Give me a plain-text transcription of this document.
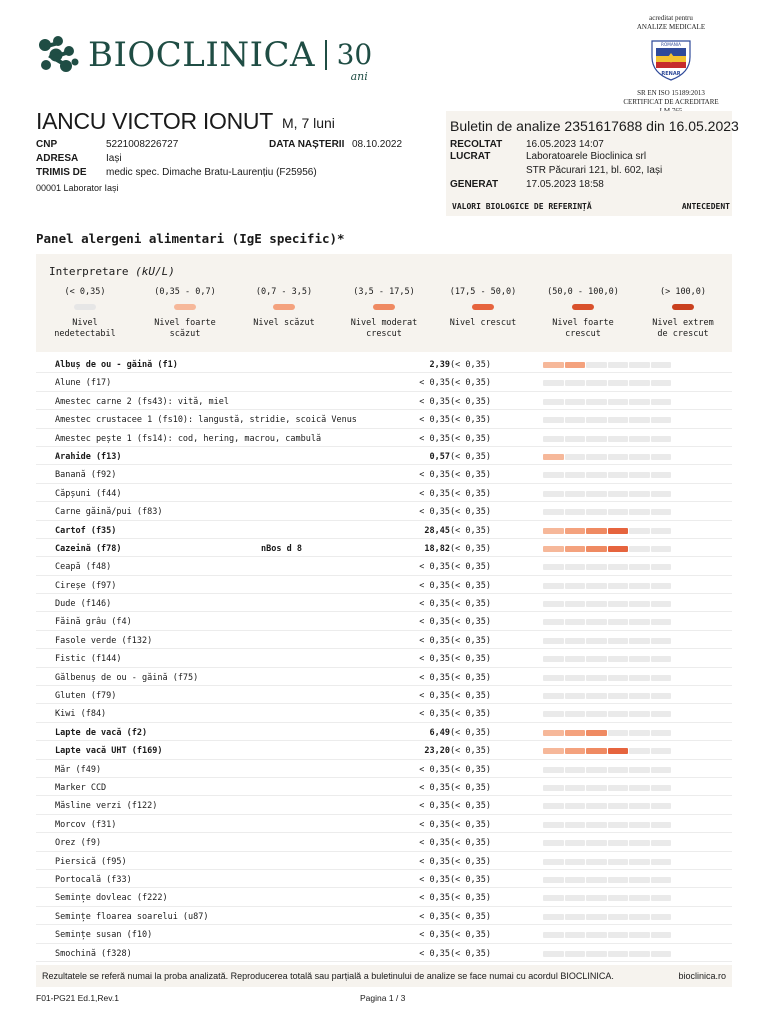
BIOCLINICA 30
ani
acreditat pentru
ANALIZE MEDICALE
ROMANIA
RENAR
SR EN ISO 15189:2013
CERTIFICAT DE ACREDITARE
IANCU VICTOR IONUT M, 7 luni
CNP	5221008226727	DATA NAȘTERII 08.10.2022
ADRESA	Iași
TRIMIS DE medic spec. Dimache Bratu-Laurențiu (F25956)
00001 Laborator Iași
Buletin de analize 2351617688 din 16.05.2023
RECOLTAT 16.05.2023 14:07
LUCRAT	Laboratoarele Bioclinica srl
STR Păcurari 121, bl. 602, Iași
GENERAT	17.05.2023 18:58
VALORI BIOLOGICE DE REFERINȚĂ	ANTECEDENT
Panel alergeni alimentari (IgE specific)*
Interpretare (kU/L)
(< 0,35)
Nivel
nedetectabil
(0,35 - 0,7)
Nivel foarte
scăzut
(0,7 - 3,5)
Nivel scăzut
(3,5 - 17,5)
Nivel moderat
crescut
(17,5 - 50,0)
Nivel crescut
(50,0 - 100,0)
Nivel foarte
crescut
(> 100,0)
Nivel extrem
de crescut
Albuș de ou - găină (f1)	2,39 (< 0,35)
Alune (f17)	< 0,35 (< 0,35)
Amestec carne 2 (fs43): vită, miel	< 0,35 (< 0,35)
Amestec crustacee 1 (fs10): langustă, stridie, scoică Venus	< 0,35 (< 0,35)
Amestec pește 1 (fs14): cod, hering, macrou, cambulă	< 0,35 (< 0,35)
Arahide (f13)	0,57 (< 0,35)
Banană (f92)	< 0,35 (< 0,35)
Căpșuni (f44)	< 0,35 (< 0,35)
Carne găină/pui (f83)	< 0,35 (< 0,35)
Cartof (f35)	28,45 (< 0,35)
Cazeină (f78)	nBos d 8	18,82 (< 0,35)
Ceapă (f48)	< 0,35 (< 0,35)
Cireșe (f97)	< 0,35 (< 0,35)
Dude (f146)	< 0,35 (< 0,35)
Făină grâu (f4)	< 0,35 (< 0,35)
Fasole verde (f132)	< 0,35 (< 0,35)
Fistic (f144)	< 0,35 (< 0,35)
Gălbenuș de ou - găină (f75)	< 0,35 (< 0,35)
Gluten (f79)	< 0,35 (< 0,35)
Kiwi (f84)	< 0,35 (< 0,35)
Lapte de vacă (f2)	6,49 (< 0,35)
Lapte vacă UHT (f169)	23,20 (< 0,35)
Măr (f49)	< 0,35 (< 0,35)
Marker CCD	< 0,35 (< 0,35)
Măsline verzi (f122)	< 0,35 (< 0,35)
Morcov (f31)	< 0,35 (< 0,35)
Orez (f9)	< 0,35 (< 0,35)
Piersică (f95)	< 0,35 (< 0,35)
Portocală (f33)	< 0,35 (< 0,35)
Semințe dovleac (f222)	< 0,35 (< 0,35)
Semințe floarea soarelui (u87)	< 0,35 (< 0,35)
Semințe susan (f10)	< 0,35 (< 0,35)
Smochină (f328)	< 0,35 (< 0,35)
Rezultatele se referă numai la proba analizată. Reproducerea totală sau parțială a buletinului de analize se face numai cu acordul BIOCLINICA.	bioclinica.ro
F01-PG21 Ed.1,Rev.1	Pagina 1 / 3
